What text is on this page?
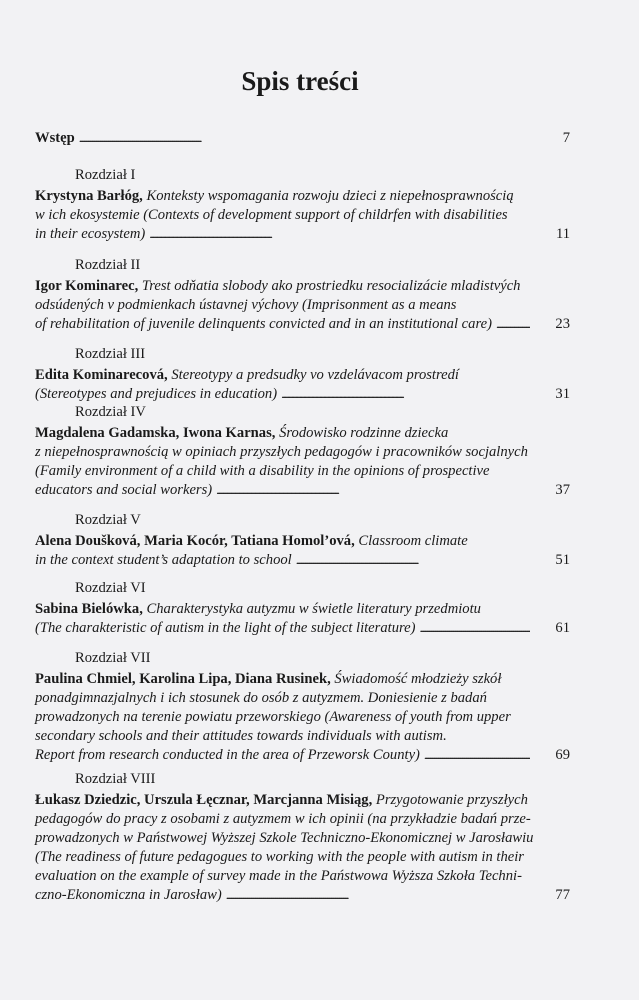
Spis treści
Wstęp . . .	7
Rozdział I
Krystyna Barłóg, Konteksty wspomagania rozwoju dzieci z niepełnosprawnością
w ich ekosystemie (Contexts of development support of childrfen with disabilities
in their ecosystem) . . .	11
Rozdział II
Igor Kominarec, Trest odňatia slobody ako prostriedku resocializácie mladistvých
odsúdených v podmienkach ústavnej výchovy (Imprisonment as a means
of rehabilitation of juvenile delinquents convicted and in an institutional care) . . .	23
Rozdział III
Edita Kominarecová, Stereotypy a predsudky vo vzdelávacom prostredí
(Stereotypes and prejudices in education) . . .	31
Rozdział IV
Magdalena Gadamska, Iwona Karnas, Środowisko rodzinne dziecka
z niepełnosprawnością w opiniach przyszłych pedagogów i pracowników socjalnych
(Family environment of a child with a disability in the opinions of prospective
educators and social workers) . . .	37
Rozdział V
Alena Doušková, Maria Kocór, Tatiana Homol’ová, Classroom climate
in the context student’s adaptation to school . . .	51
Rozdział VI
Sabina Bielówka, Charakterystyka autyzmu w świetle literatury przedmiotu
(The charakteristic of autism in the light of the subject literature) . . .	61
Rozdział VII
Paulina Chmiel, Karolina Lipa, Diana Rusinek, Świadomość młodzieży szkół
ponadgimnazjalnych i ich stosunek do osób z autyzmem. Doniesienie z badań
prowadzonych na terenie powiatu przeworskiego (Awareness of youth from upper
secondary schools and their attitudes towards individuals with autism.
Report from research conducted in the area of Przeworsk County) . . .	69
Rozdział VIII
Łukasz Dziedzic, Urszula Łęcznar, Marcjanna Misiąg, Przygotowanie przyszłych
pedagogów do pracy z osobami z autyzmem w ich opinii (na przykładzie badań prze-
prowadzonych w Państwowej Wyższej Szkole Techniczno-Ekonomicznej w Jarosławiu
(The readiness of future pedagogues to working with the people with autism in their
evaluation on the example of survey made in the Państwowa Wyższa Szkoła Techni-
czno-Ekonomiczna in Jarosław) . . .	77
